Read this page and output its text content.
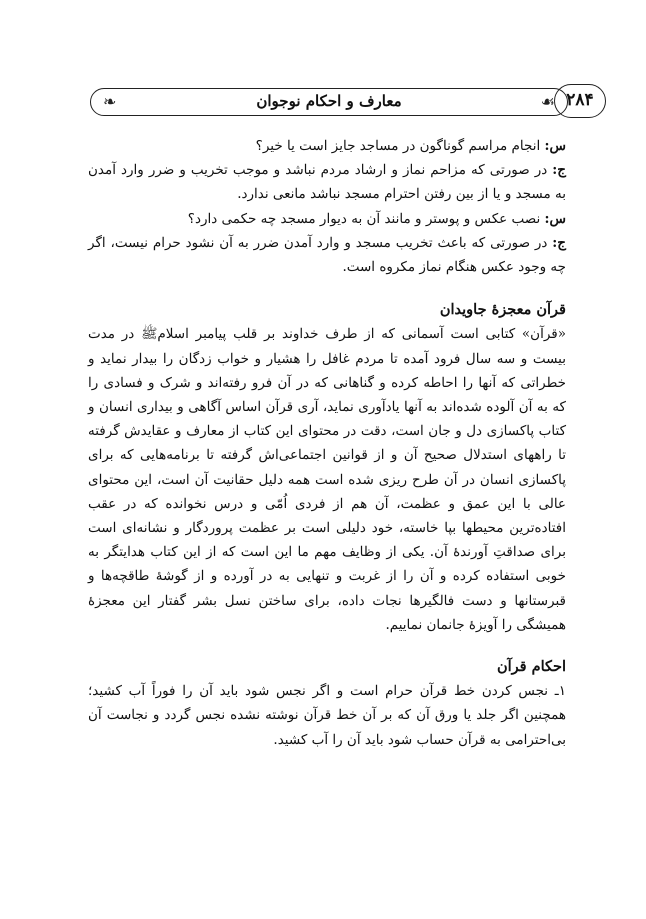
۲۸۴
❧	معارف و احکام نوجوان	☙

س: انجام مراسم گوناگون در مساجد جایز است یا خیر؟

ج: در صورتی که مزاحم نماز و ارشاد مردم نباشد و موجب تخریب و ضرر وارد آمدن به مسجد و یا از بین رفتن احترام مسجد نباشد مانعی ندارد.

س: نصب عکس و پوستر و مانند آن به دیوار مسجد چه حکمی دارد؟

ج: در صورتی که باعث تخریب مسجد و وارد آمدن ضرر به آن نشود حرام نیست، اگر چه وجود عکس هنگام نماز مکروه است.

قرآن معجزهٔ جاویدان

«قرآن» کتابی است آسمانی که از طرف خداوند بر قلب پیامبر اسلامﷺ در مدت بیست و سه سال فرود آمده تا مردم غافل را هشیار و خواب زدگان را بیدار نماید و خطراتی که آنها را احاطه کرده و گناهانی که در آن فرو رفته‌اند و شرک و فسادی را که به آن آلوده شده‌اند به آنها یادآوری نماید، آری قرآن اساس آگاهی و بیداری انسان و کتاب پاکسازی دل و جان است، دقت در محتوای این کتاب از معارف و عقایدش گرفته تا راههای استدلال صحیح آن و از قوانین اجتماعی‌اش گرفته تا برنامه‌هایی که برای پاکسازی انسان در آن طرح ریزی شده است همه دلیل حقانیت آن است، این محتوای عالی با این عمق و عظمت، آن هم از فردی اُمّی و درس نخوانده که در عقب افتاده‌ترین محیطها بپا خاسته، خود دلیلی است بر عظمت پروردگار و نشانه‌ای است برای صداقتِ آورندهٔ آن. یکی از وظایف مهم ما این است که از این کتاب هدایتگر به خوبی استفاده کرده و آن را از غربت و تنهایی به در آورده و از گوشهٔ طاقچه‌ها و قبرستانها و دست فالگیرها نجات داده، برای ساختن نسل بشر گفتار این معجزهٔ همیشگی را آویزهٔ جانمان نماییم.

احکام قرآن

۱ـ نجس کردن خط قرآن حرام است و اگر نجس شود باید آن را فوراً آب کشید؛ همچنین اگر جلد یا ورق آن که بر آن خط قرآن نوشته نشده نجس گردد و نجاست آن بی‌احترامی به قرآن حساب شود باید آن را آب کشید.
